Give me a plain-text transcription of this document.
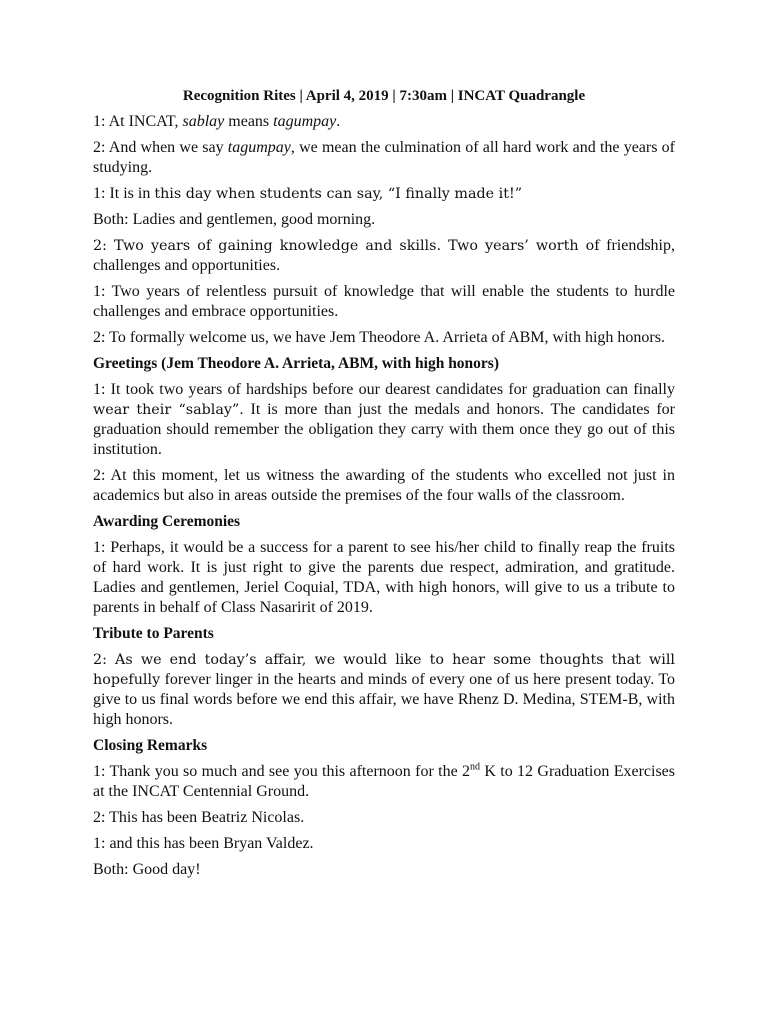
Recognition Rites | April 4, 2019 | 7:30am | INCAT Quadrangle

1: At INCAT, sablay means tagumpay.

2: And when we say tagumpay, we mean the culmination of all hard work and the years of studying.

1: It is in this day when students can say, “I finally made it!”

Both: Ladies and gentlemen, good morning.

2: Two years of gaining knowledge and skills. Two years’ worth of friendship, challenges and opportunities.

1: Two years of relentless pursuit of knowledge that will enable the students to hurdle challenges and embrace opportunities.

2: To formally welcome us, we have Jem Theodore A. Arrieta of ABM, with high honors.

Greetings (Jem Theodore A. Arrieta, ABM, with high honors)

1: It took two years of hardships before our dearest candidates for graduation can finally wear their “sablay”. It is more than just the medals and honors. The candidates for graduation should remember the obligation they carry with them once they go out of this institution.

2: At this moment, let us witness the awarding of the students who excelled not just in academics but also in areas outside the premises of the four walls of the classroom.

Awarding Ceremonies

1: Perhaps, it would be a success for a parent to see his/her child to finally reap the fruits of hard work. It is just right to give the parents due respect, admiration, and gratitude. Ladies and gentlemen, Jeriel Coquial, TDA, with high honors, will give to us a tribute to parents in behalf of Class Nasaririt of 2019.

Tribute to Parents

2: As we end today’s affair, we would like to hear some thoughts that will hopefully forever linger in the hearts and minds of every one of us here present today. To give to us final words before we end this affair, we have Rhenz D. Medina, STEM-B, with high honors.

Closing Remarks

1: Thank you so much and see you this afternoon for the 2nd K to 12 Graduation Exercises at the INCAT Centennial Ground.

2: This has been Beatriz Nicolas.

1: and this has been Bryan Valdez.

Both: Good day!
